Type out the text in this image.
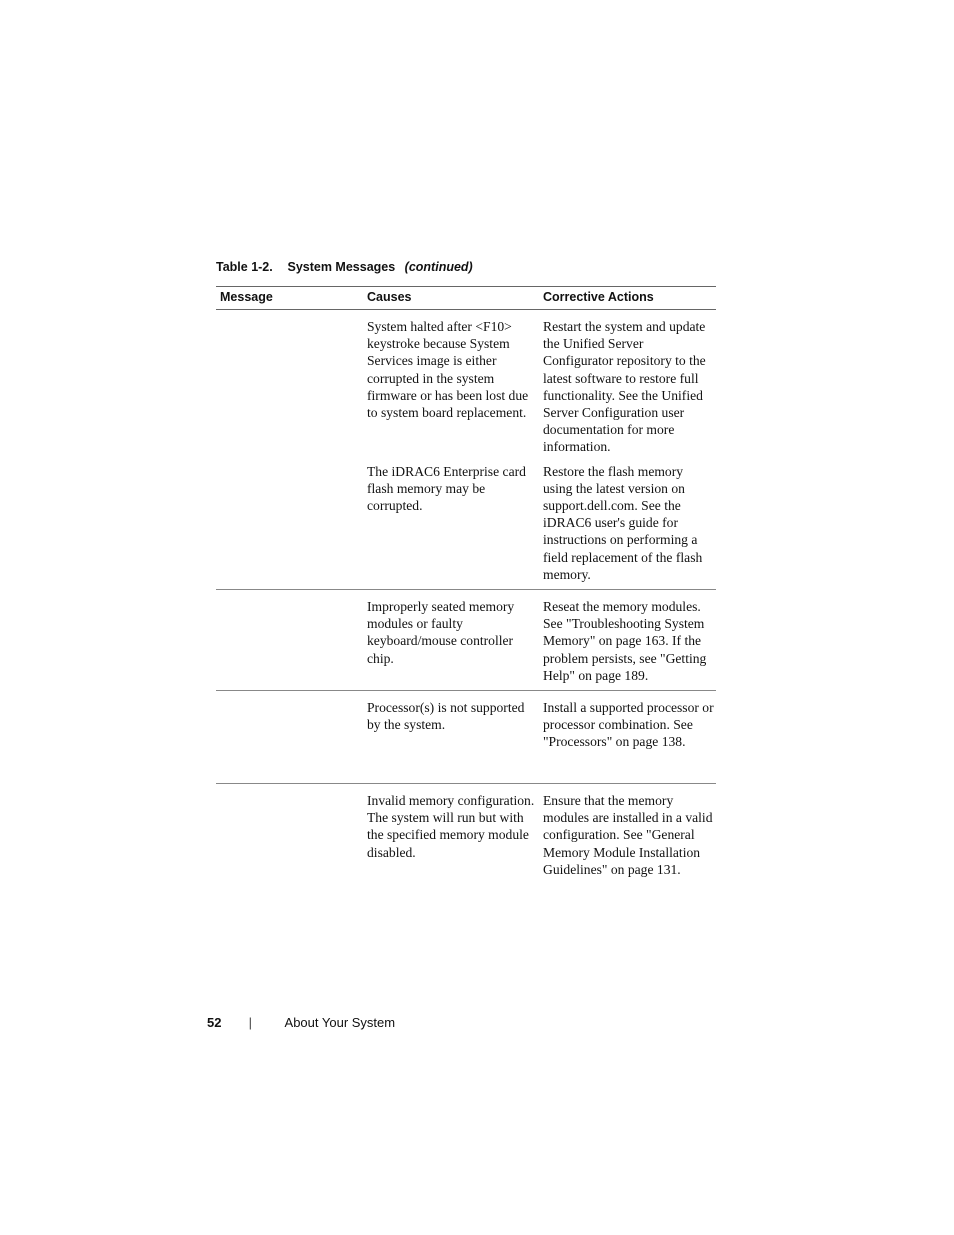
Table 1-2. System Messages (continued)
Message	Causes	Corrective Actions
	System halted after <F10> keystroke because System Services image is either corrupted in the system firmware or has been lost due to system board replacement.	Restart the system and update the Unified Server Configurator repository to the latest software to restore full functionality. See the Unified Server Configuration user documentation for more information.
	The iDRAC6 Enterprise card flash memory may be corrupted.	Restore the flash memory using the latest version on support.dell.com. See the iDRAC6 user's guide for instructions on performing a field replacement of the flash memory.
	Improperly seated memory modules or faulty keyboard/mouse controller chip.	Reseat the memory modules. See "Troubleshooting System Memory" on page 163. If the problem persists, see "Getting Help" on page 189.
	Processor(s) is not supported by the system.	Install a supported processor or processor combination. See "Processors" on page 138.
	Invalid memory configuration. The system will run but with the specified memory module disabled.	Ensure that the memory modules are installed in a valid configuration. See "General Memory Module Installation Guidelines" on page 131.
52 |	About Your System
